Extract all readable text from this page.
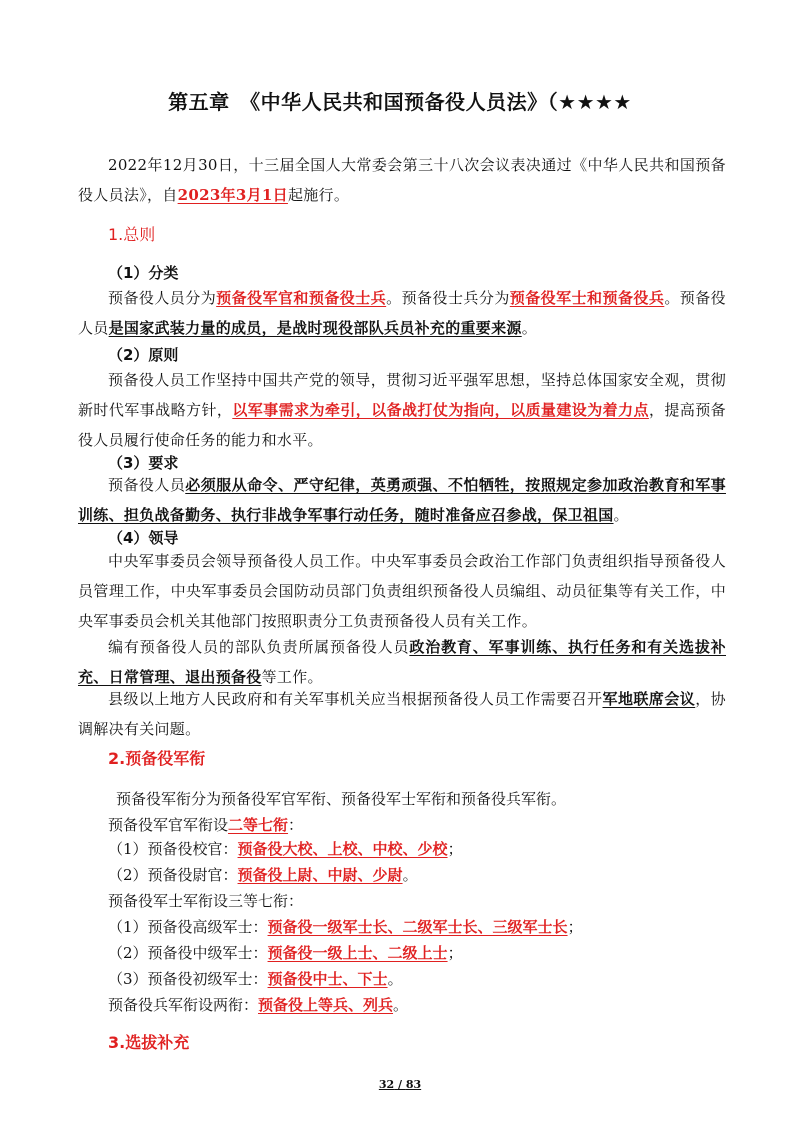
第五章　《中华人民共和国预备役人员法》（★★★★
2022年12月30日，十三届全国人大常委会第三十八次会议表决通过《中华人民共和国预备役人员法》，自2023年3月1日起施行。
1.总则
（1）分类
预备役人员分为预备役军官和预备役士兵。预备役士兵分为预备役军士和预备役兵。预备役人员是国家武装力量的成员，是战时现役部队兵员补充的重要来源。
（2）原则
预备役人员工作坚持中国共产党的领导，贯彻习近平强军思想，坚持总体国家安全观，贯彻新时代军事战略方针，以军事需求为牵引，以备战打仗为指向，以质量建设为着力点，提高预备役人员履行使命任务的能力和水平。
（3）要求
预备役人员必须服从命令、严守纪律，英勇顽强、不怕牺牲，按照规定参加政治教育和军事训练、担负战备勤务、执行非战争军事行动任务，随时准备应召参战，保卫祖国。
（4）领导
中央军事委员会领导预备役人员工作。中央军事委员会政治工作部门负责组织指导预备役人员管理工作，中央军事委员会国防动员部门负责组织预备役人员编组、动员征集等有关工作，中央军事委员会机关其他部门按照职责分工负责预备役人员有关工作。
编有预备役人员的部队负责所属预备役人员政治教育、军事训练、执行任务和有关选拔补充、日常管理、退出预备役等工作。
县级以上地方人民政府和有关军事机关应当根据预备役人员工作需要召开军地联席会议，协调解决有关问题。
2.预备役军衔
预备役军衔分为预备役军官军衔、预备役军士军衔和预备役兵军衔。
预备役军官军衔设二等七衔：
（1）预备役校官：预备役大校、上校、中校、少校；
（2）预备役尉官：预备役上尉、中尉、少尉。
预备役军士军衔设三等七衔：
（1）预备役高级军士：预备役一级军士长、二级军士长、三级军士长；
（2）预备役中级军士：预备役一级上士、二级上士；
（3）预备役初级军士：预备役中士、下士。
预备役兵军衔设两衔：预备役上等兵、列兵。
3.选拔补充
32 / 83
